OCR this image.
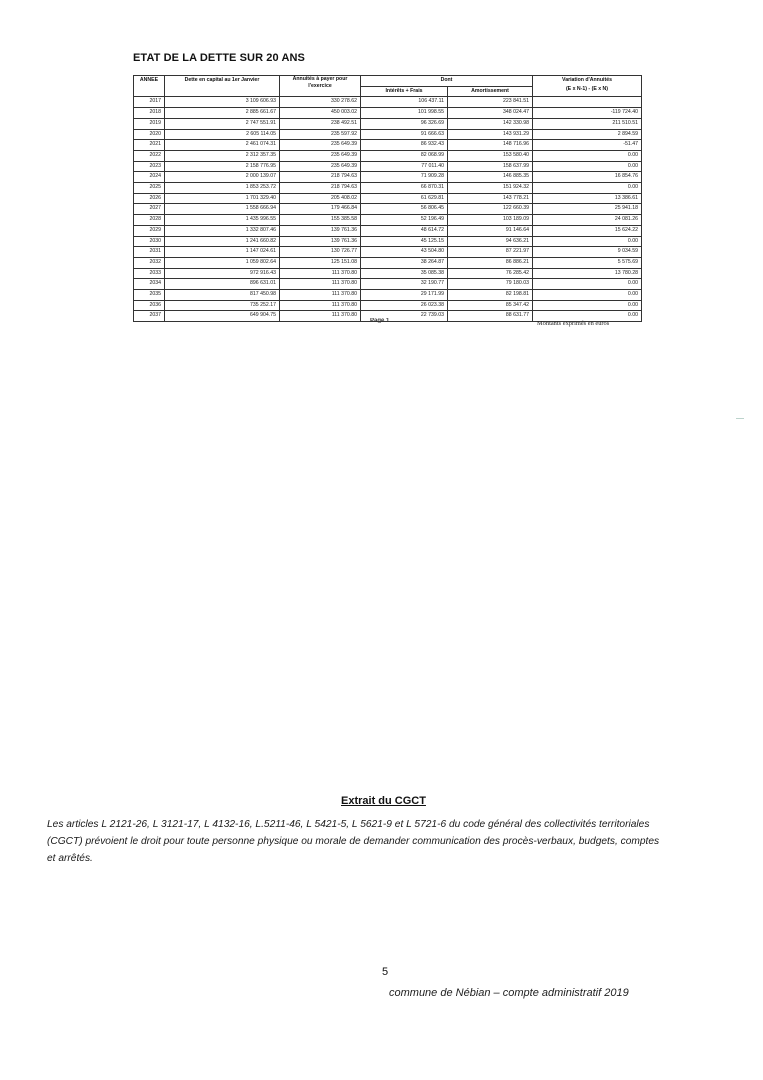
ETAT DE LA DETTE SUR 20 ANS
ANNEE	Dette en capital au 1er Janvier	Annuités à payer pour l'exercice	Dont		Variation d'Annuités
(E x N-1) - (E x N)
			Intérêts + Frais	Amortissement	
2017	3 109 606.93	330 278.62	106 437.11	223 841.51	
2018	2 885 661.67	450 003.02	101 998.55	348 024.47	-119 724.40
2019	2 747 551.91	238 492.51	96 326.69	142 330.98	211 510.51
2020	2 605 114.05	235 597.92	91 666.63	143 931.29	2 894.59
2021	2 461 074.31	235 649.39	86 932.43	148 716.96	-51.47
2022	2 312 357.35	235 649.39	82 068.99	153 580.40	0.00
2023	2 158 776.95	235 649.39	77 011.40	158 637.99	0.00
2024	2 000 139.07	218 794.63	71 909.28	146 885.35	16 854.76
2025	1 853 253.72	218 794.63	66 870.31	151 924.32	0.00
2026	1 701 329.40	205 408.02	61 629.81	143 778.21	13 386.61
2027	1 558 666.94	179 466.84	56 806.45	122 660.39	25 941.18
2028	1 435 996.55	155 385.58	52 196.49	103 189.09	24 081.26
2029	1 332 807.46	139 761.36	48 614.72	91 146.64	15 624.22
2030	1 241 660.82	139 761.36	45 125.15	94 636.21	0.00
2031	1 147 024.61	130 726.77	43 504.80	87 221.97	9 034.59
2032	1 059 802.64	125 151.08	38 264.87	86 886.21	5 575.69
2033	972 916.43	111 370.80	35 085.38	76 285.42	13 780.28
2034	896 631.01	111 370.80	32 190.77	79 180.03	0.00
2035	817 450.98	111 370.80	29 171.99	82 198.81	0.00
2036	735 252.17	111 370.80	26 023.38	85 347.42	0.00
2037	649 904.75	111 370.80	22 739.03	88 631.77	0.00
Page 1	Montants exprimés en euros
Extrait du CGCT
Les articles L 2121-26, L 3121-17, L 4132-16, L.5211-46, L 5421-5, L 5621-9 et L 5721-6 du code général des collectivités territoriales (CGCT) prévoient le droit pour toute personne physique ou morale de demander communication des procès-verbaux, budgets, comptes et arrêtés.
5
commune de Nébian – compte administratif 2019
